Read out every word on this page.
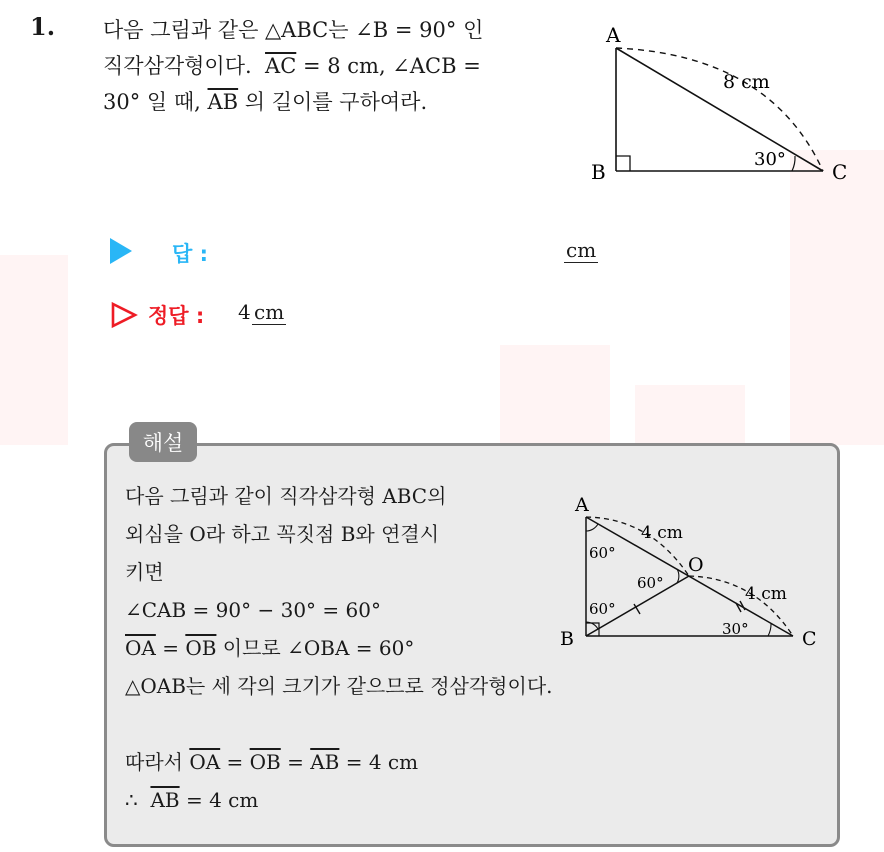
1. 다음 그림과 같은 △ABC는 ∠B = 90° 인
직각삼각형이다. $\overline{AC} = 8$ cm, ∠ACB =
30° 일 때, $\overline{AB}$ 의 길이를 구하여라.
A
B	C
8 cm
30°
답 :	cm
정답 : 4 cm
해설
다음 그림과 같이 직각삼각형 ABC의
외심을 O라 하고 꼭짓점 B와 연결시
키면
∠CAB = 90° − 30° = 60°
$\overline{OA} = \overline{OB}$ 이므로 ∠OBA = 60°
△OAB는 세 각의 크기가 같으므로 정삼각형이다.
따라서 $\overline{OA} = \overline{OB} = \overline{AB} = 4$ cm
∴  $\overline{AB} = 4$ cm
A
B	C
O
4 cm
4 cm
60°
60°
60°
30°
